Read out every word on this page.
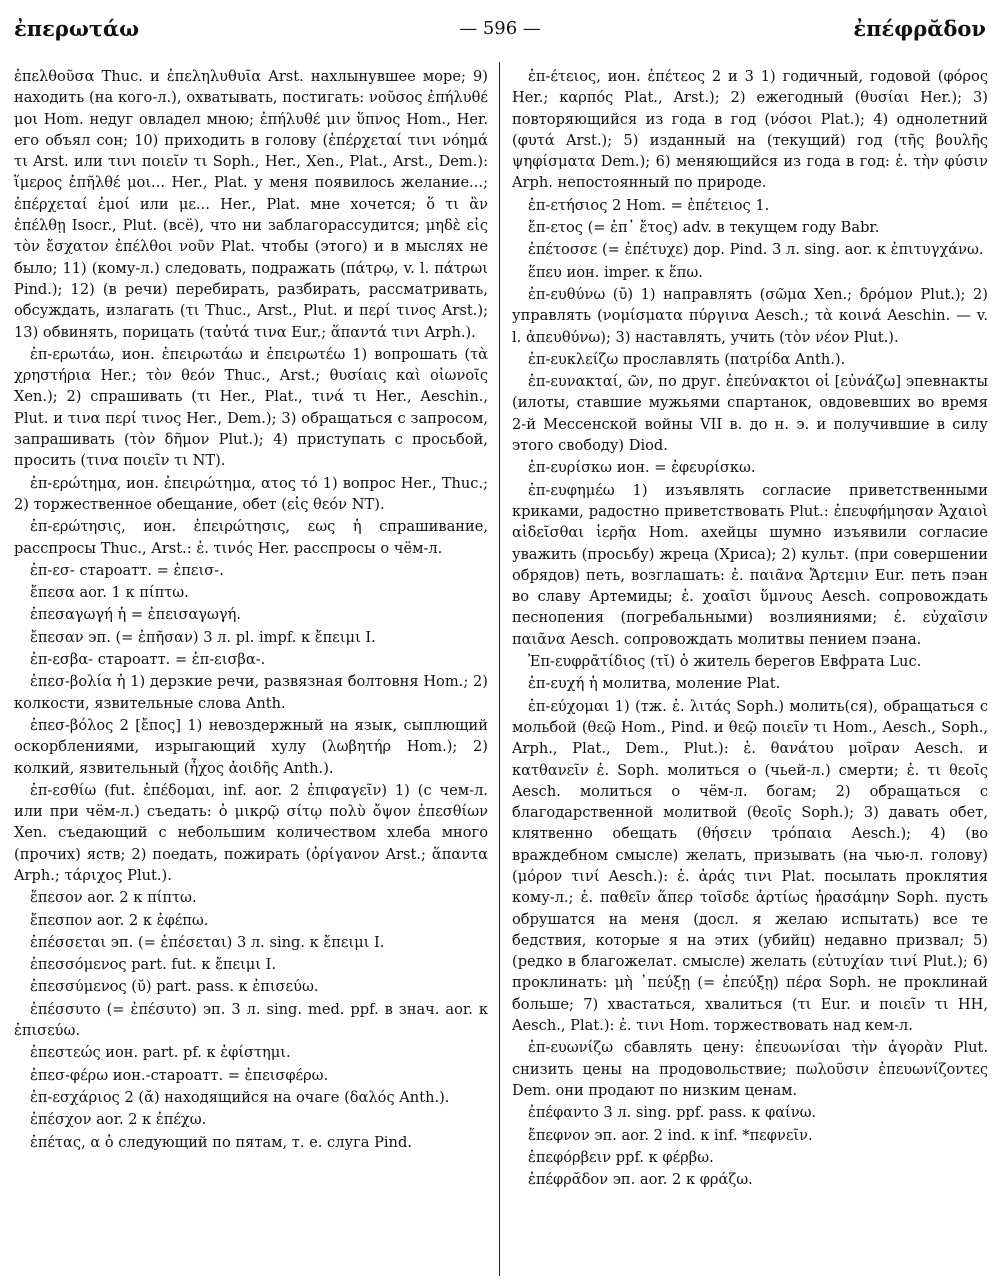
ἐπερωτάω	— 596 —	ἐπέφρᾰδον

ἐπελθοῦσα Thuc. и ἐπεληλυθυῖα Arst. нахлынувшее море; 9) находить (на кого-л.), охватывать, постигать: νοῦσος ἐπήλυθέ μοι Hom. недуг овладел мною; ἐπήλυθέ μιν ὕπνος Hom., Her. его объял сон; 10) приходить в голову (ἐπέρχεταί τινι νόημά τι Arst. или τινι ποιεῖν τι Soph., Her., Xen., Plat., Arst., Dem.): ἵμερος ἐπῆλθέ μοι... Her., Plat. у меня появилось желание...; ἐπέρχεταί ἐμοί или με... Her., Plat. мне хочется; ὅ τι ἂν ἐπέλθῃ Isocr., Plut. (всё), что ни заблагорассудится; μηδὲ εἰς τὸν ἔσχατον ἐπέλθοι νοῦν Plat. чтобы (этого) и в мыслях не было; 11) (кому-л.) следовать, подражать (πάτρῳ, v. l. πάτρωι Pind.); 12) (в речи) перебирать, разбирать, рассматривать, обсуждать, излагать (τι Thuc., Arst., Plut. и περί τινος Arst.); 13) обвинять, порицать (ταὐτά τινα Eur.; ἅπαντά τινι Arph.).

ἐπ-ερωτάω, ион. ἐπειρωτάω и ἐπειρωτέω 1) вопрошать (τὰ χρηστήρια Her.; τὸν θεόν Thuc., Arst.; θυσίαις καὶ οἰωνοῖς Xen.); 2) спрашивать (τι Her., Plat., τινά τι Her., Aeschin., Plut. и τινα περί τινος Her., Dem.); 3) обращаться с запросом, запрашивать (τὸν δῆμον Plut.); 4) приступать с просьбой, просить (τινα ποιεῖν τι NT).

ἐπ-ερώτημα, ион. ἐπειρώτημα, ατος τό 1) вопрос Her., Thuc.; 2) торжественное обещание, обет (εἰς θεόν NT).

ἐπ-ερώτησις, ион. ἐπειρώτησις, εως ἡ спрашивание, расспросы Thuc., Arst.: ἐ. τινός Her. расспросы о чём-л.

ἐπ-εσ- староатт. = ἐπεισ-.

ἔπεσα aor. 1 к πίπτω.

ἐπεσαγωγή ἡ = ἐπεισαγωγή.

ἔπεσαν эп. (= ἐπῆσαν) 3 л. pl. impf. к ἔπειμι I.

ἐπ-εσβα- староатт. = ἐπ-εισβα-.

ἐπεσ-βολία ἡ 1) дерзкие речи, развязная болтовня Hom.; 2) колкости, язвительные слова Anth.

ἐπεσ-βόλος 2 [ἔπος] 1) невоздержный на язык, сыплющий оскорблениями, изрыгающий хулу (λωβητήρ Hom.); 2) колкий, язвительный (ἦχος ἀοιδῆς Anth.).

ἐπ-εσθίω (fut. ἐπέδομαι, inf. aor. 2 ἐπιφαγεῖν) 1) (с чем-л. или при чём-л.) съедать: ὁ μικρῷ σίτῳ πολὺ ὄψον ἐπεσθίων Xen. съедающий с небольшим количеством хлеба много (прочих) яств; 2) поедать, пожирать (ὀρίγανον Arst.; ἅπαντα Arph.; τάριχος Plut.).

ἔπεσον aor. 2 к πίπτω.

ἔπεσπον aor. 2 к ἐφέπω.

ἐπέσσεται эп. (= ἐπέσεται) 3 л. sing. к ἔπειμι I.

ἐπεσσόμενος part. fut. к ἔπειμι I.

ἐπεσσύμενος (ῠ) part. pass. к ἐπισεύω.

ἐπέσσυτο (= ἐπέσυτο) эп. 3 л. sing. med. ppf. в знач. aor. к ἐπισεύω.

ἐπεστεώς ион. part. pf. к ἐφίστημι.

ἐπεσ-φέρω ион.-староатт. = ἐπεισφέρω.

ἐπ-εσχάριος 2 (ᾰ) находящийся на очаге (δαλός Anth.).

ἐπέσχον aor. 2 к ἐπέχω.

ἐπέτας, α ὁ следующий по пятам, т. е. слуга Pind.

ἐπ-έτειος, ион. ἐπέτεος 2 и 3 1) годичный, годовой (φόρος Her.; καρπός Plat., Arst.); 2) ежегодный (θυσίαι Her.); 3) повторяющийся из года в год (νόσοι Plat.); 4) однолетний (φυτά Arst.); 5) изданный на (текущий) год (τῆς βουλῆς ψηφίσματα Dem.); 6) меняющийся из года в год: ἐ. τὴν φύσιν Arph. непостоянный по природе.

ἐπ-ετήσιος 2 Hom. = ἐπέτειος 1.

ἔπ-ετος (= ἐπ᾽ ἔτος) adv. в текущем году Babr.

ἐπέτοσσε (= ἐπέτυχε) дор. Pind. 3 л. sing. aor. к ἐπιτυγχάνω.

ἕπευ ион. imper. к ἕπω.

ἐπ-ευθύνω (ῡ) 1) направлять (σῶμα Xen.; δρόμον Plut.); 2) управлять (νομίσματα πύργινα Aesch.; τὰ κοινά Aeschin. — v. l. ἀπευθύνω); 3) наставлять, учить (τὸν νέον Plut.).

ἐπ-ευκλείζω прославлять (πατρίδα Anth.).

ἐπ-ευνακταί, ῶν, по друг. ἐπεύνακτοι οἱ [εὐνάζω] эпевнакты (илоты, ставшие мужьями спартанок, овдовевших во время 2-й Мессенской войны VII в. до н. э. и получившие в силу этого свободу) Diod.

ἐπ-ευρίσκω ион. = ἐφευρίσκω.

ἐπ-ευφημέω 1) изъявлять согласие приветственными криками, радостно приветствовать Plut.: ἐπευφήμησαν Ἀχαιοὶ αἰδεῖσθαι ἱερῆα Hom. ахейцы шумно изъявили согласие уважить (просьбу) жреца (Хриса); 2) культ. (при совершении обрядов) петь, возглашать: ἐ. παιᾶνα Ἄρτεμιν Eur. петь пэан во славу Артемиды; ἐ. χοαῖσι ὕμνους Aesch. сопровождать песнопения (погребальными) возлияниями; ἐ. εὐχαῖσιν παιᾶνα Aesch. сопровождать молитвы пением пэана.

Ἐπ-ευφρᾱτίδιος (τῐ) ὁ житель берегов Евфрата Luc.

ἐπ-ευχή ἡ молитва, моление Plat.

ἐπ-εύχομαι 1) (тж. ἐ. λιτάς Soph.) молить(ся), обращаться с мольбой (θεῷ Hom., Pind. и θεῷ ποιεῖν τι Hom., Aesch., Soph., Arph., Plat., Dem., Plut.): ἐ. θανάτου μοῖραν Aesch. и κατθανεῖν ἐ. Soph. молиться о (чьей-л.) смерти; ἐ. τι θεοῖς Aesch. молиться о чём-л. богам; 2) обращаться с благодарственной молитвой (θεοῖς Soph.); 3) давать обет, клятвенно обещать (θήσειν τρόπαια Aesch.); 4) (во враждебном смысле) желать, призывать (на чью-л. голову) (μόρον τινί Aesch.): ἐ. ἀράς τινι Plat. посылать проклятия кому-л.; ἐ. παθεῖν ἅπερ τοῖσδε ἀρτίως ἠρασάμην Soph. пусть обрушатся на меня (досл. я желаю испытать) все те бедствия, которые я на этих (убийц) недавно призвал; 5) (редко в благожелат. смысле) желать (εὐτυχίαν τινί Plut.); 6) проклинать: μὴ ᾽πεύξῃ (= ἐπεύξῃ) πέρα Soph. не проклинай больше; 7) хвастаться, хвалиться (τι Eur. и ποιεῖν τι HH, Aesch., Plat.): ἐ. τινι Hom. торжествовать над кем-л.

ἐπ-ευωνίζω сбавлять цену: ἐπευωνίσαι τὴν ἀγορὰν Plut. снизить цены на продовольствие; πωλοῦσιν ἐπευωνίζοντες Dem. они продают по низким ценам.

ἐπέφαντο 3 л. sing. ppf. pass. к φαίνω.

ἔπεφνον эп. aor. 2 ind. к inf. *πεφνεῖν.

ἐπεφόρβειν ppf. к φέρβω.

ἐπέφρᾰδον эп. aor. 2 к φράζω.
